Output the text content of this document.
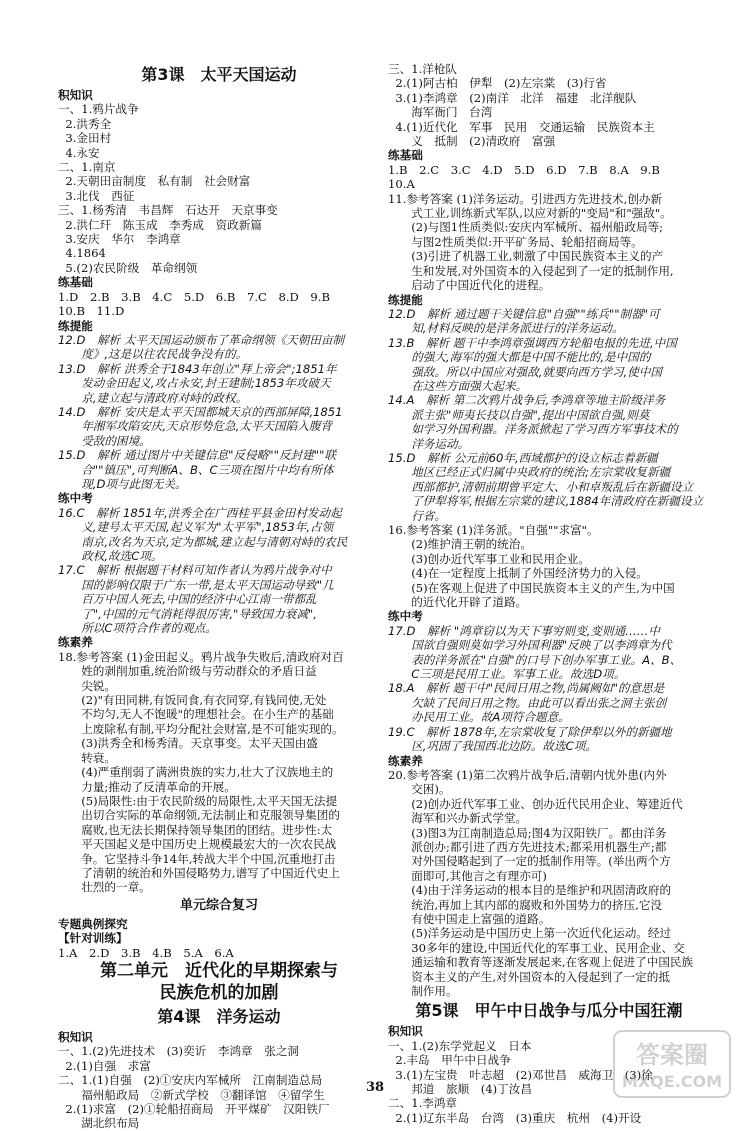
第3课　太平天国运动
积知识
一、1.鸦片战争
2.洪秀全
3.金田村
4.永安
二、1.南京
2.天朝田亩制度　私有制　社会财富
3.北伐　西征
三、1.杨秀清　韦昌辉　石达开　天京事变
2.洪仁玕　陈玉成　李秀成　资政新篇
3.安庆　华尔　李鸿章
4.1864
5.(2)农民阶级　革命纲领
练基础
1.D　2.B　3.B　4.C　5.D　6.B　7.C　8.D　9.B
10.B　11.D
练提能
12.D　解析 太平天国运动颁布了革命纲领《天朝田亩制
　　度》,这是以往农民战争没有的。
13.D　解析 洪秀全于1843年创立"拜上帝会";1851年
　　发动金田起义,攻占永安,封王建制;1853年攻破天
　　京,建立起与清政府对峙的政权。
14.D　解析 安庆是太平天国都城天京的西部屏障,1851
　　年湘军攻陷安庆,天京形势危急,太平天国陷入腹背
　　受敌的困境。
15.D　解析 通过图片中关键信息"反侵略""反封建""联
　　合""镇压",可判断A、B、C三项在图片中均有所体
　　现,D项与此图无关。
练中考
16.C　解析 1851年,洪秀全在广西桂平县金田村发动起
　　义,建号太平天国,起义军为"太平军",1853年,占领
　　南京,改名为天京,定为都城,建立起与清朝对峙的农民
　　政权,故选C项。
17.C　解析 根据题干材料可知作者认为鸦片战争对中
　　国的影响仅限于广东一带,是太平天国运动导致"几
　　百万中国人死去,中国的经济中心江南一带都乱
　　了",中国的元气消耗得很厉害,"导致国力衰减",
　　所以C项符合作者的观点。
练素养
18.参考答案 (1)金田起义。鸦片战争失败后,清政府对百
　　姓的剥削加重,统治阶级与劳动群众的矛盾日益
　　尖锐。
　　(2)"有田同耕,有饭同食,有衣同穿,有钱同使,无处
　　不均匀,无人不饱暖"的理想社会。在小生产的基础
　　上废除私有制,平均分配社会财富,是不可能实现的。
　　(3)洪秀全和杨秀清。天京事变。太平天国由盛
　　转衰。
　　(4)严重削弱了满洲贵族的实力,壮大了汉族地主的
　　力量;推动了反清革命的开展。
　　(5)局限性:由于农民阶级的局限性,太平天国无法提
　　出切合实际的革命纲领,无法制止和克服领导集团的
　　腐败,也无法长期保持领导集团的团结。进步性:太
　　平天国起义是中国历史上规模最宏大的一次农民战
　　争。它坚持斗争14年,转战大半个中国,沉重地打击
　　了清朝的统治和外国侵略势力,谱写了中国近代史上
　　壮烈的一章。
单元综合复习
专题典例探究
【针对训练】
1.A　2.D　3.B　4.B　5.A　6.A
第二单元　近代化的早期探索与
民族危机的加剧
第4课　洋务运动
积知识
一、1.(2)先进技术　(3)奕䜣　李鸿章　张之洞
2.(1)自强　求富
二、1.(1)自强　(2)①安庆内军械所　江南制造总局
　　福州船政局　②新式学校　③翻译馆　④留学生
2.(1)求富　(2)①轮船招商局　开平煤矿　汉阳铁厂
　　湖北织布局
三、1.洋枪队
2.(1)阿古柏　伊犁　(2)左宗棠　(3)行省
3.(1)李鸿章　(2)南洋　北洋　福建　北洋舰队
　　海军衙门　台湾
4.(1)近代化　军事　民用　交通运输　民族资本主
　　义　抵制　(2)清政府　富强
练基础
1.B　2.C　3.C　4.D　5.D　6.D　7.B　8.A　9.B
10.A
11.参考答案 (1)洋务运动。引进西方先进技术,创办新
　　式工业,训练新式军队,以应对新的"变局"和"强敌"。
　　(2)与图1性质类似:安庆内军械所、福州船政局等;
　　与图2性质类似:开平矿务局、轮船招商局等。
　　(3)引进了机器工业,刺激了中国民族资本主义的产
　　生和发展,对外国资本的入侵起到了一定的抵制作用,
　　启动了中国近代化的进程。
练提能
12.D　解析 通过题干关键信息"自强""练兵""制器"可
　　知,材料反映的是洋务派进行的洋务运动。
13.B　解析 题干中李鸿章强调西方轮船电报的先进,中国
　　的强大,海军的强大都是中国不能比的,是中国的
　　强敌。所以中国应对强敌,就要向西方学习,使中国
　　在这些方面强大起来。
14.A　解析 第二次鸦片战争后,李鸿章等地主阶级洋务
　　派主张"师夷长技以自强",提出中国欲自强,则莫
　　如学习外国利器。洋务派掀起了学习西方军事技术的
　　洋务运动。
15.D　解析 公元前60年,西域都护的设立标志着新疆
　　地区已经正式归属中央政府的统治;左宗棠收复新疆
　　西部都护,清朝前期曾平定大、小和卓叛乱后在新疆设立
　　了伊犁将军,根据左宗棠的建议,1884年清政府在新疆设立
　　行省。
16.参考答案 (1)洋务派。"自强""求富"。
　　(2)维护清王朝的统治。
　　(3)创办近代军事工业和民用企业。
　　(4)在一定程度上抵制了外国经济势力的入侵。
　　(5)在客观上促进了中国民族资本主义的产生,为中国
　　的近代化开辟了道路。
练中考
17.D　解析 "鸿章窃以为天下事穷则变,变则通……中
　　国欲自强则莫如学习外国利器"反映了以李鸿章为代
　　表的洋务派在"自强"的口号下创办军事工业。A、B、
　　C三项是民用工业。军事工业。故选D项。
18.A　解析 题干中"民间日用之物,尚属阙如"的意思是
　　欠缺了民间日用之物。由此可以看出张之洞主张创
　　办民用工业。故A项符合题意。
19.C　解析 1878年,左宗棠收复了除伊犁以外的新疆地
　　区,巩固了我国西北边防。故选C项。
练素养
20.参考答案 (1)第二次鸦片战争后,清朝内忧外患(内外
　　交困)。
　　(2)创办近代军事工业、创办近代民用企业、筹建近代
　　海军和兴办新式学堂。
　　(3)图3为江南制造总局;图4为汉阳铁厂。都由洋务
　　派创办;都引进了西方先进技术;都采用机器生产;都
　　对外国侵略起到了一定的抵制作用等。(举出两个方
　　面即可,其他言之有理亦可)
　　(4)由于洋务运动的根本目的是维护和巩固清政府的
　　统治,再加上其内部的腐败和外国势力的挤压,它没
　　有使中国走上富强的道路。
　　(5)洋务运动是中国历史上第一次近代化运动。经过
　　30多年的建设,中国近代化的军事工业、民用企业、交
　　通运输和教育等逐渐发展起来,在客观上促进了中国民族
　　资本主义的产生,对外国资本的入侵起到了一定的抵
　　制作用。
第5课　甲午中日战争与瓜分中国狂潮
积知识
一、1.(2)东学党起义　日本
2.丰岛　甲午中日战争
3.(1)左宝贵　叶志超　(2)邓世昌　威海卫　(3)徐
　　邦道　旅顺　(4)丁汝昌
二、1.李鸿章
2.(1)辽东半岛　台湾　(3)重庆　杭州　(4)开设
38
答案圈
MXQE.COM
